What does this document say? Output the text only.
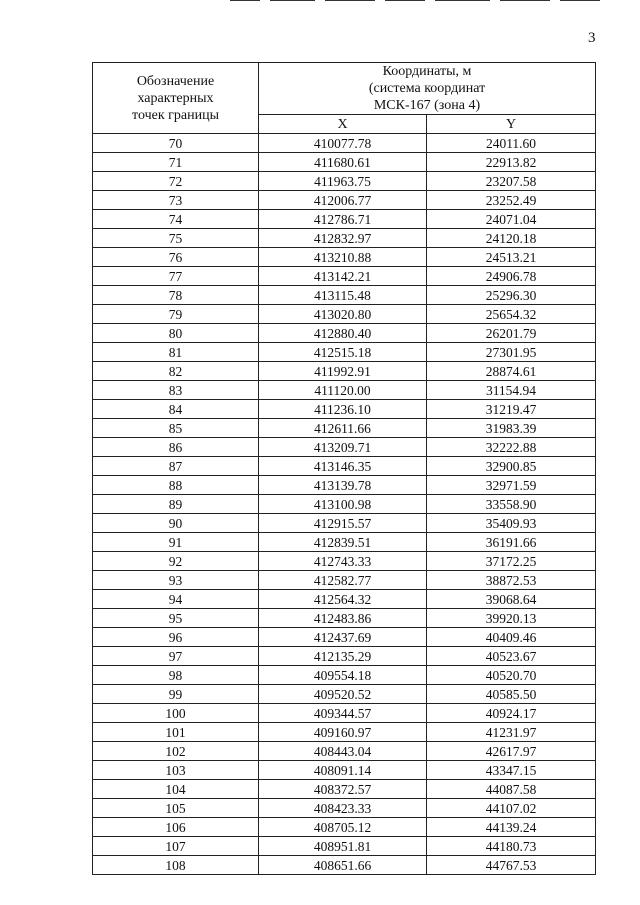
3
Обозначение
характерных
точек границы	Координаты, м
(система координат
МСК-167 (зона 4)	

	X	Y
70	410077.78	24011.60
71	411680.61	22913.82
72	411963.75	23207.58
73	412006.77	23252.49
74	412786.71	24071.04
75	412832.97	24120.18
76	413210.88	24513.21
77	413142.21	24906.78
78	413115.48	25296.30
79	413020.80	25654.32
80	412880.40	26201.79
81	412515.18	27301.95
82	411992.91	28874.61
83	411120.00	31154.94
84	411236.10	31219.47
85	412611.66	31983.39
86	413209.71	32222.88
87	413146.35	32900.85
88	413139.78	32971.59
89	413100.98	33558.90
90	412915.57	35409.93
91	412839.51	36191.66
92	412743.33	37172.25
93	412582.77	38872.53
94	412564.32	39068.64
95	412483.86	39920.13
96	412437.69	40409.46
97	412135.29	40523.67
98	409554.18	40520.70
99	409520.52	40585.50
100	409344.57	40924.17
101	409160.97	41231.97
102	408443.04	42617.97
103	408091.14	43347.15
104	408372.57	44087.58
105	408423.33	44107.02
106	408705.12	44139.24
107	408951.81	44180.73
108	408651.66	44767.53
